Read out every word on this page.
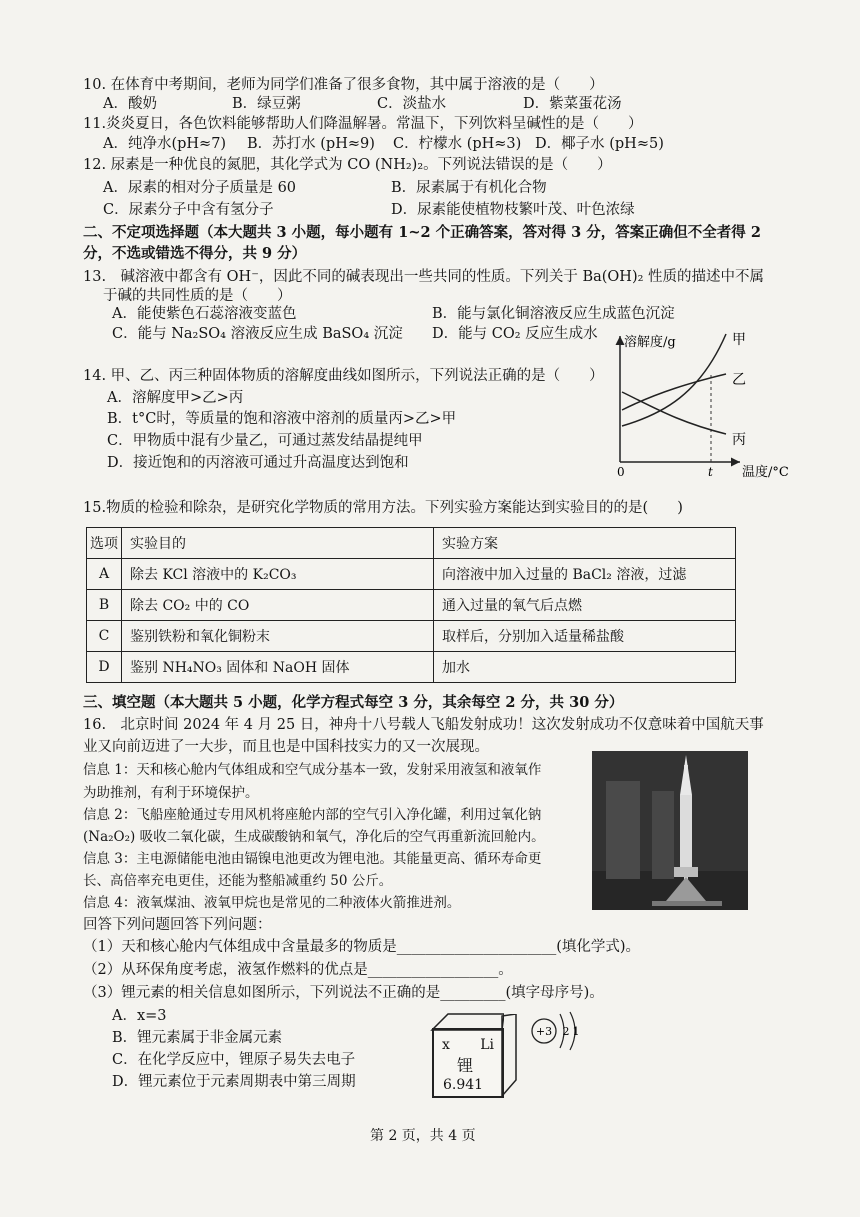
10. 在体育中考期间，老师为同学们准备了很多食物，其中属于溶液的是（　　）
A．酸奶	B．绿豆粥	C．淡盐水	D．紫菜蛋花汤
11.炎炎夏日，各色饮料能够帮助人们降温解暑。常温下，下列饮料呈碱性的是（　　）
A．纯净水(pH≈7) B．苏打水 (pH≈9) C．柠檬水 (pH≈3) D．椰子水 (pH≈5)
12. 尿素是一种优良的氮肥，其化学式为 CO (NH₂)₂。下列说法错误的是（　　）
A．尿素的相对分子质量是 60	B．尿素属于有机化合物
C．尿素分子中含有氢分子	D．尿素能使植物枝繁叶茂、叶色浓绿
二、不定项选择题（本大题共 3 小题，每小题有 1~2 个正确答案，答对得 3 分，答案正确但不全者得 2
分，不选或错选不得分，共 9 分）
13.　碱溶液中都含有 OH⁻，因此不同的碱表现出一些共同的性质。下列关于 Ba(OH)₂ 性质的描述中不属
于碱的共同性质的是（　　）
A．能使紫色石蕊溶液变蓝色	B．能与氯化铜溶液反应生成蓝色沉淀
C．能与 Na₂SO₄ 溶液反应生成 BaSO₄ 沉淀 D．能与 CO₂ 反应生成水
14. 甲、乙、丙三种固体物质的溶解度曲线如图所示，下列说法正确的是（　　）
A．溶解度甲>乙>丙
B．t°C时，等质量的饱和溶液中溶剂的质量丙>乙>甲
C．甲物质中混有少量乙，可通过蒸发结晶提纯甲
D．接近饱和的丙溶液可通过升高温度达到饱和
溶解度/g	甲
乙
丙
0	t 温度/°C
15.物质的检验和除杂，是研究化学物质的常用方法。下列实验方案能达到实验目的的是(　　)
选项	实验目的	实验方案
A	除去 KCl 溶液中的 K₂CO₃	向溶液中加入过量的 BaCl₂ 溶液，过滤
B	除去 CO₂ 中的 CO	通入过量的氧气后点燃
C	鉴别铁粉和氧化铜粉末	取样后，分别加入适量稀盐酸
D	鉴别 NH₄NO₃ 固体和 NaOH 固体	加水
三、填空题（本大题共 5 小题，化学方程式每空 3 分，其余每空 2 分，共 30 分）
16.　北京时间 2024 年 4 月 25 日，神舟十八号载人飞船发射成功！这次发射成功不仅意味着中国航天事
业又向前迈进了一大步，而且也是中国科技实力的又一次展现。
信息 1：天和核心舱内气体组成和空气成分基本一致，发射采用液氢和液氧作
为助推剂，有利于环境保护。
信息 2：飞船座舱通过专用风机将座舱内部的空气引入净化罐，利用过氧化钠
(Na₂O₂) 吸收二氧化碳，生成碳酸钠和氧气，净化后的空气再重新流回舱内。
信息 3：主电源储能电池由镉镍电池更改为锂电池。其能量更高、循环寿命更
长、高倍率充电更佳，还能为整船减重约 50 公斤。
信息 4：液氧煤油、液氧甲烷也是常见的二种液体火箭推进剂。
回答下列问题回答下列问题：
（1）天和核心舱内气体组成中含量最多的物质是______________________(填化学式)。
（2）从环保角度考虑，液氢作燃料的优点是__________________。
（3）锂元素的相关信息如图所示，下列说法不正确的是_________(填字母序号)。
A．x=3
B．锂元素属于非金属元素
C．在化学反应中，锂原子易失去电子
D．锂元素位于元素周期表中第三周期
x Li
锂
6.941
+3 2 1
第 2 页，共 4 页
